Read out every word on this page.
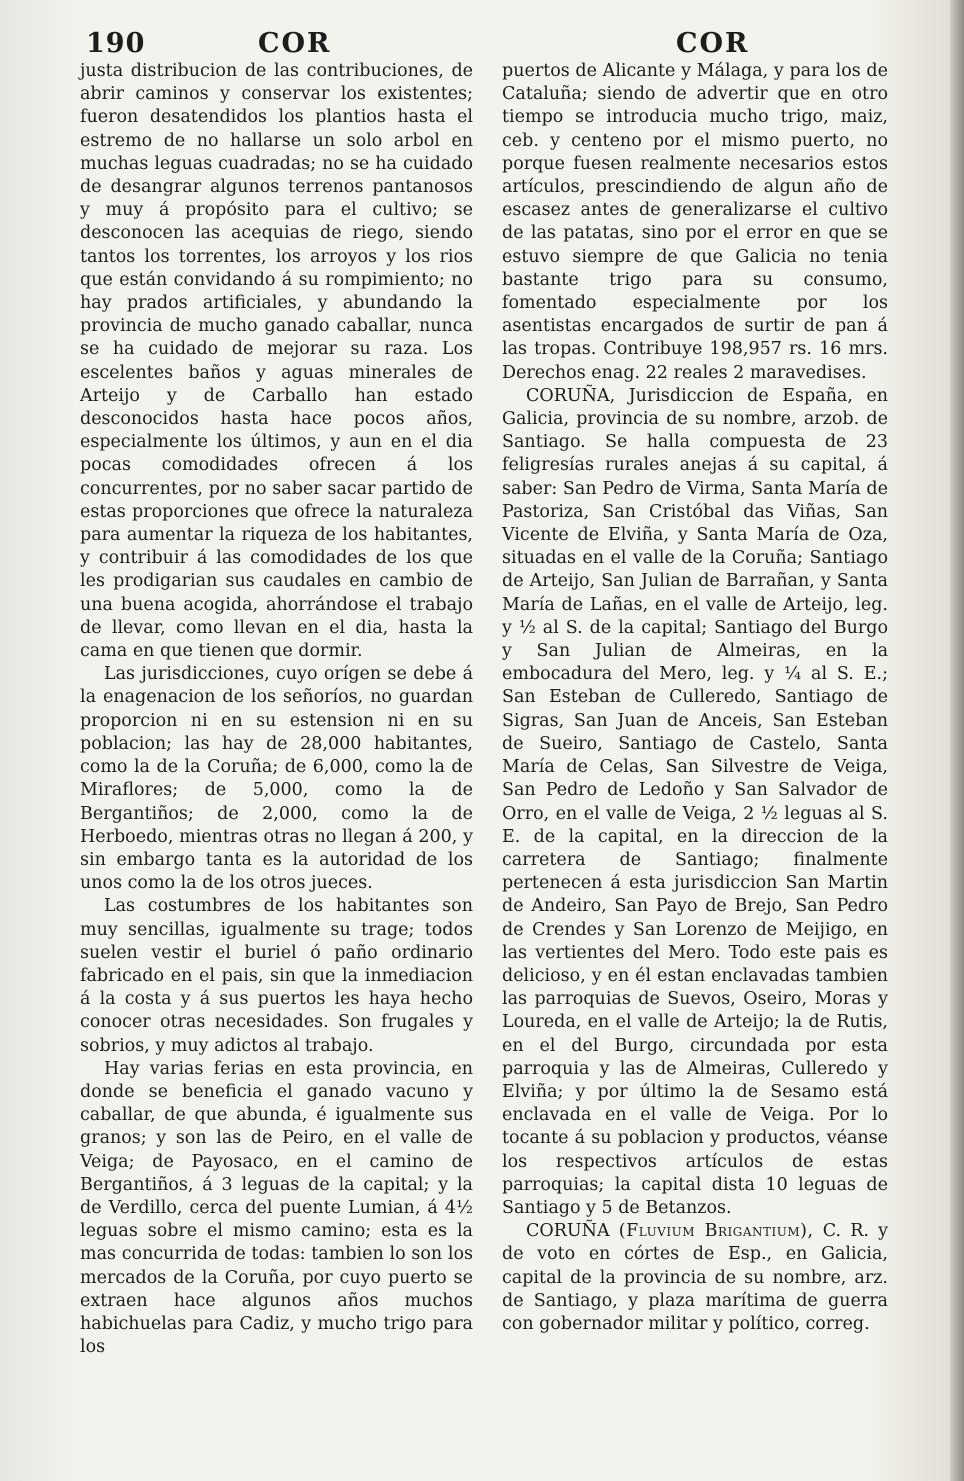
190	COR	COR

justa distribucion de las contribuciones, de abrir caminos y conservar los existentes; fueron desatendidos los plantios hasta el estremo de no hallarse un solo arbol en muchas leguas cuadradas; no se ha cuidado de desangrar algunos terrenos pantanosos y muy á propósito para el cultivo; se desconocen las acequias de riego, siendo tantos los torrentes, los arroyos y los rios que están convidando á su rompimiento; no hay prados artificiales, y abundando la provincia de mucho ganado caballar, nunca se ha cuidado de mejorar su raza. Los escelentes baños y aguas minerales de Arteijo y de Carballo han estado desconocidos hasta hace pocos años, especialmente los últimos, y aun en el dia pocas comodidades ofrecen á los concurrentes, por no saber sacar partido de estas proporciones que ofrece la naturaleza para aumentar la riqueza de los habitantes, y contribuir á las comodidades de los que les prodigarian sus caudales en cambio de una buena acogida, ahorrándose el trabajo de llevar, como llevan en el dia, hasta la cama en que tienen que dormir.

Las jurisdicciones, cuyo orígen se debe á la enagenacion de los señoríos, no guardan proporcion ni en su estension ni en su poblacion; las hay de 28,000 habitantes, como la de la Coruña; de 6,000, como la de Miraflores; de 5,000, como la de Bergantiños; de 2,000, como la de Herboedo, mientras otras no llegan á 200, y sin embargo tanta es la autoridad de los unos como la de los otros jueces.

Las costumbres de los habitantes son muy sencillas, igualmente su trage; todos suelen vestir el buriel ó paño ordinario fabricado en el pais, sin que la inmediacion á la costa y á sus puertos les haya hecho conocer otras necesidades. Son frugales y sobrios, y muy adictos al trabajo.

Hay varias ferias en esta provincia, en donde se beneficia el ganado vacuno y caballar, de que abunda, é igualmente sus granos; y son las de Peiro, en el valle de Veiga; de Payosaco, en el camino de Bergantiños, á 3 leguas de la capital; y la de Verdillo, cerca del puente Lumian, á 4½ leguas sobre el mismo camino; esta es la mas concurrida de todas: tambien lo son los mercados de la Coruña, por cuyo puerto se extraen hace algunos años muchos habichuelas para Cadiz, y mucho trigo para los

puertos de Alicante y Málaga, y para los de Cataluña; siendo de advertir que en otro tiempo se introducia mucho trigo, maiz, ceb. y centeno por el mismo puerto, no porque fuesen realmente necesarios estos artículos, prescindiendo de algun año de escasez antes de generalizarse el cultivo de las patatas, sino por el error en que se estuvo siempre de que Galicia no tenia bastante trigo para su consumo, fomentado especialmente por los asentistas encargados de surtir de pan á las tropas. Contribuye 198,957 rs. 16 mrs. Derechos enag. 22 reales 2 maravedises.

CORUÑA, Jurisdiccion de España, en Galicia, provincia de su nombre, arzob. de Santiago. Se halla compuesta de 23 feligresías rurales anejas á su capital, á saber: San Pedro de Virma, Santa María de Pastoriza, San Cristóbal das Viñas, San Vicente de Elviña, y Santa María de Oza, situadas en el valle de la Coruña; Santiago de Arteijo, San Julian de Barrañan, y Santa María de Lañas, en el valle de Arteijo, leg. y ½ al S. de la capital; Santiago del Burgo y San Julian de Almeiras, en la embocadura del Mero, leg. y ¼ al S. E.; San Esteban de Culleredo, Santiago de Sigras, San Juan de Anceis, San Esteban de Sueiro, Santiago de Castelo, Santa María de Celas, San Silvestre de Veiga, San Pedro de Ledoño y San Salvador de Orro, en el valle de Veiga, 2 ½ leguas al S. E. de la capital, en la direccion de la carretera de Santiago; finalmente pertenecen á esta jurisdiccion San Martin de Andeiro, San Payo de Brejo, San Pedro de Crendes y San Lorenzo de Meijigo, en las vertientes del Mero. Todo este pais es delicioso, y en él estan enclavadas tambien las parroquias de Suevos, Oseiro, Moras y Loureda, en el valle de Arteijo; la de Rutis, en el del Burgo, circundada por esta parroquia y las de Almeiras, Culleredo y Elviña; y por último la de Sesamo está enclavada en el valle de Veiga. Por lo tocante á su poblacion y productos, véanse los respectivos artículos de estas parroquias; la capital dista 10 leguas de Santiago y 5 de Betanzos.

CORUÑA (Fluvium Brigantium), C. R. y de voto en córtes de Esp., en Galicia, capital de la provincia de su nombre, arz. de Santiago, y plaza marítima de guerra con gobernador militar y político, correg.
